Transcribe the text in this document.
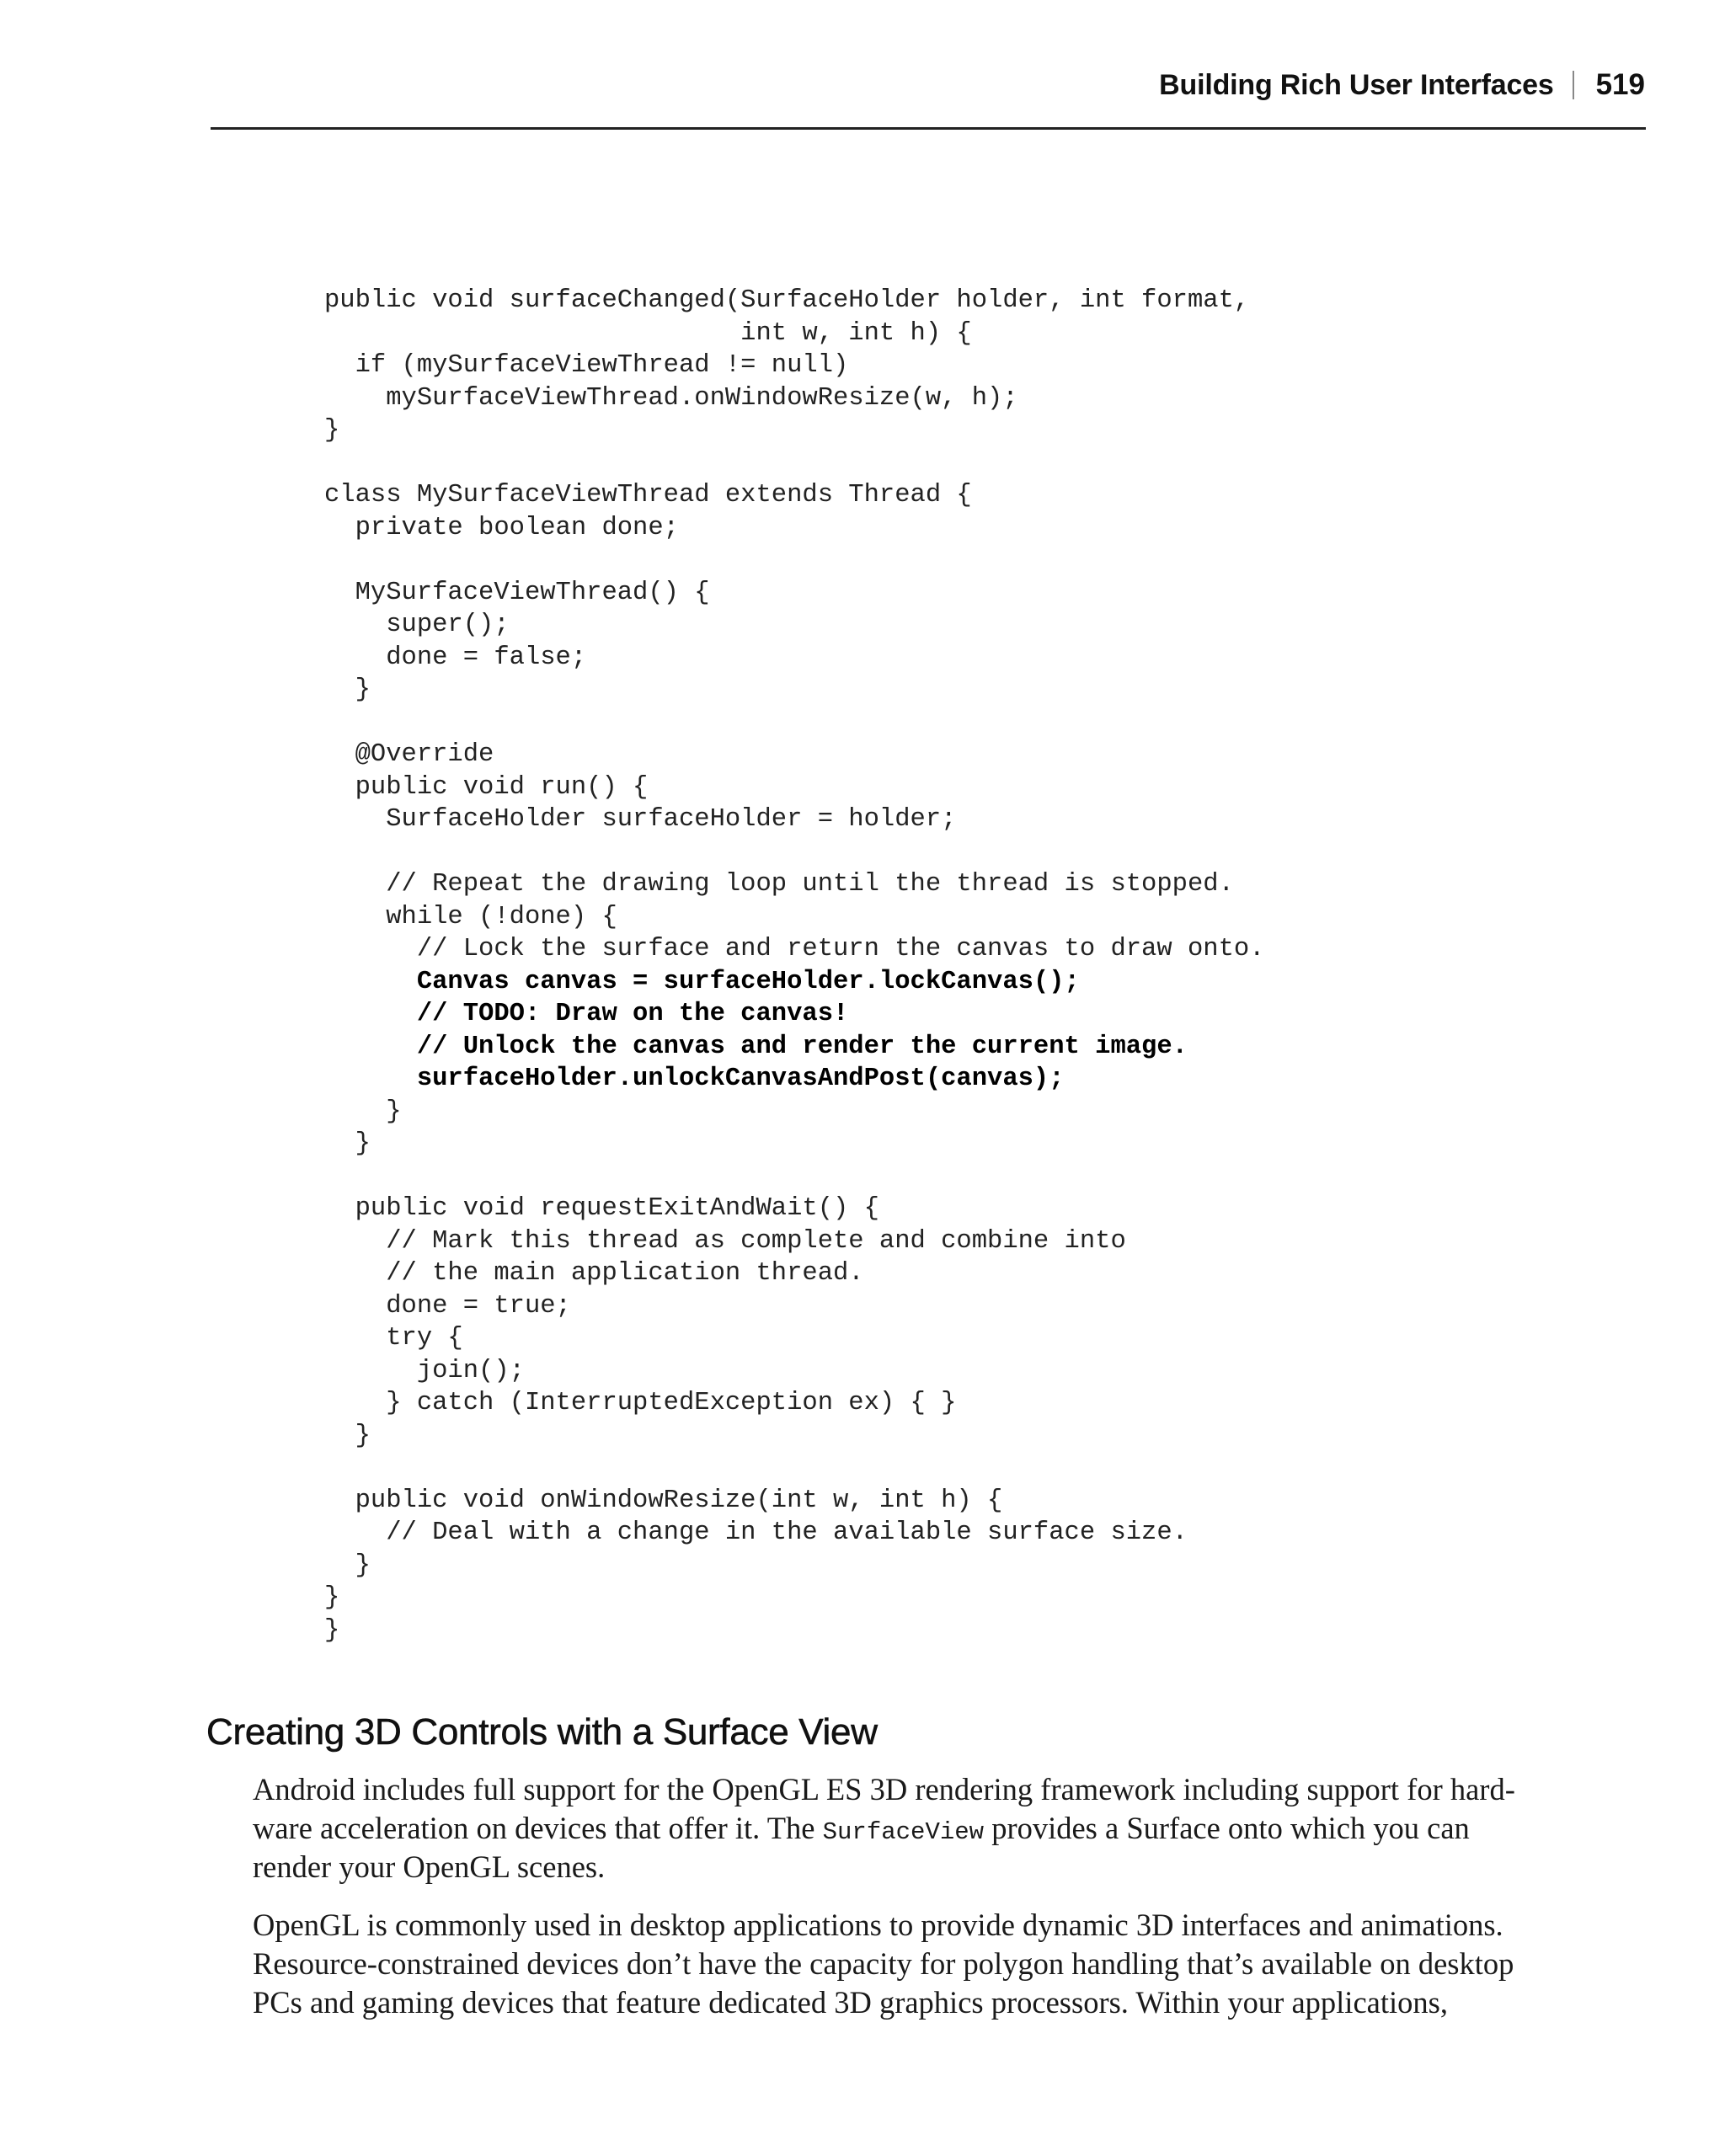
Building Rich User Interfaces 519
public void surfaceChanged(SurfaceHolder holder, int format,
int w, int h) {
if (mySurfaceViewThread != null)
mySurfaceViewThread.onWindowResize(w, h);
}
class MySurfaceViewThread extends Thread {
private boolean done;
MySurfaceViewThread() {
super();
done = false;
}
@Override
public void run() {
SurfaceHolder surfaceHolder = holder;
// Repeat the drawing loop until the thread is stopped.
while (!done) {
// Lock the surface and return the canvas to draw onto.
Canvas canvas = surfaceHolder.lockCanvas();
// TODO: Draw on the canvas!
// Unlock the canvas and render the current image.
surfaceHolder.unlockCanvasAndPost(canvas);
}
}
public void requestExitAndWait() {
// Mark this thread as complete and combine into
// the main application thread.
done = true;
try {
join();
} catch (InterruptedException ex) { }
}
public void onWindowResize(int w, int h) {
// Deal with a change in the available surface size.
}
}
}
Creating 3D Controls with a Surface View
Android includes full support for the OpenGL ES 3D rendering framework including support for hard-
ware acceleration on devices that offer it. The SurfaceView provides a Surface onto which you can
render your OpenGL scenes.
OpenGL is commonly used in desktop applications to provide dynamic 3D interfaces and animations.
Resource-constrained devices don’t have the capacity for polygon handling that’s available on desktop
PCs and gaming devices that feature dedicated 3D graphics processors. Within your applications,
